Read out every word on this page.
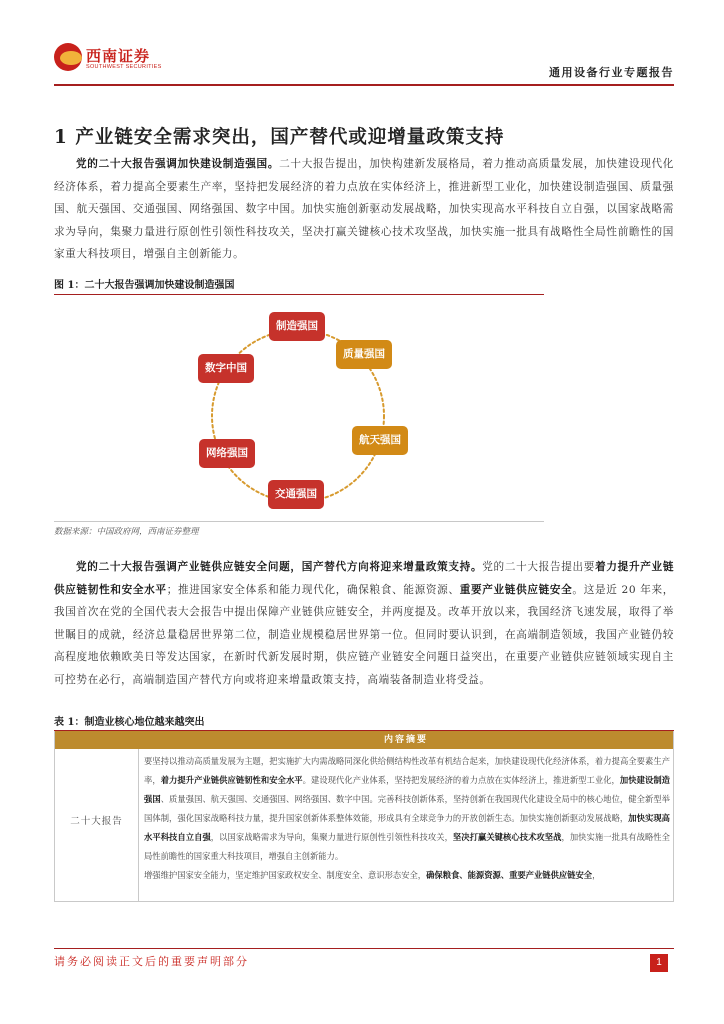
西南证券
SOUTHWEST SECURITIES	通用设备行业专题报告
1 产业链安全需求突出，国产替代或迎增量政策支持
党的二十大报告强调加快建设制造强国。二十大报告提出，加快构建新发展格局，着力推动高质量发展，加快建设现代化经济体系，着力提高全要素生产率，坚持把发展经济的着力点放在实体经济上，推进新型工业化，加快建设制造强国、质量强国、航天强国、交通强国、网络强国、数字中国。加快实施创新驱动发展战略，加快实现高水平科技自立自强，以国家战略需求为导向，集聚力量进行原创性引领性科技攻关，坚决打赢关键核心技术攻坚战，加快实施一批具有战略性全局性前瞻性的国家重大科技项目，增强自主创新能力。
图 1：二十大报告强调加快建设制造强国
制造强国
质量强国
航天强国
交通强国
网络强国
数字中国
数据来源：中国政府网，西南证券整理
党的二十大报告强调产业链供应链安全问题，国产替代方向将迎来增量政策支持。党的二十大报告提出要着力提升产业链供应链韧性和安全水平；推进国家安全体系和能力现代化，确保粮食、能源资源、重要产业链供应链安全。这是近 20 年来，我国首次在党的全国代表大会报告中提出保障产业链供应链安全，并两度提及。改革开放以来，我国经济飞速发展，取得了举世瞩目的成就，经济总量稳居世界第二位，制造业规模稳居世界第一位。但同时要认识到，在高端制造领域，我国产业链仍较高程度地依赖欧美日等发达国家，在新时代新发展时期，供应链产业链安全问题日益突出，在重要产业链供应链领域实现自主可控势在必行，高端制造国产替代方向或将迎来增量政策支持，高端装备制造业将受益。
表 1：制造业核心地位越来越突出
内容摘要
二十大报告
要坚持以推动高质量发展为主题，把实施扩大内需战略同深化供给侧结构性改革有机结合起来，加快建设现代化经济体系，着力提高全要素生产率，着力提升产业链供应链韧性和安全水平。建设现代化产业体系，坚持把发展经济的着力点放在实体经济上，推进新型工业化，加快建设制造强国、质量强国、航天强国、交通强国、网络强国、数字中国。完善科技创新体系，坚持创新在我国现代化建设全局中的核心地位，健全新型举国体制，强化国家战略科技力量，提升国家创新体系整体效能，形成具有全球竞争力的开放创新生态。加快实施创新驱动发展战略，加快实现高水平科技自立自强，以国家战略需求为导向，集聚力量进行原创性引领性科技攻关，坚决打赢关键核心技术攻坚战，加快实施一批具有战略性全局性前瞻性的国家重大科技项目，增强自主创新能力。
增强维护国家安全能力，坚定维护国家政权安全、制度安全、意识形态安全，确保粮食、能源资源、重要产业链供应链安全，
请务必阅读正文后的重要声明部分	1
